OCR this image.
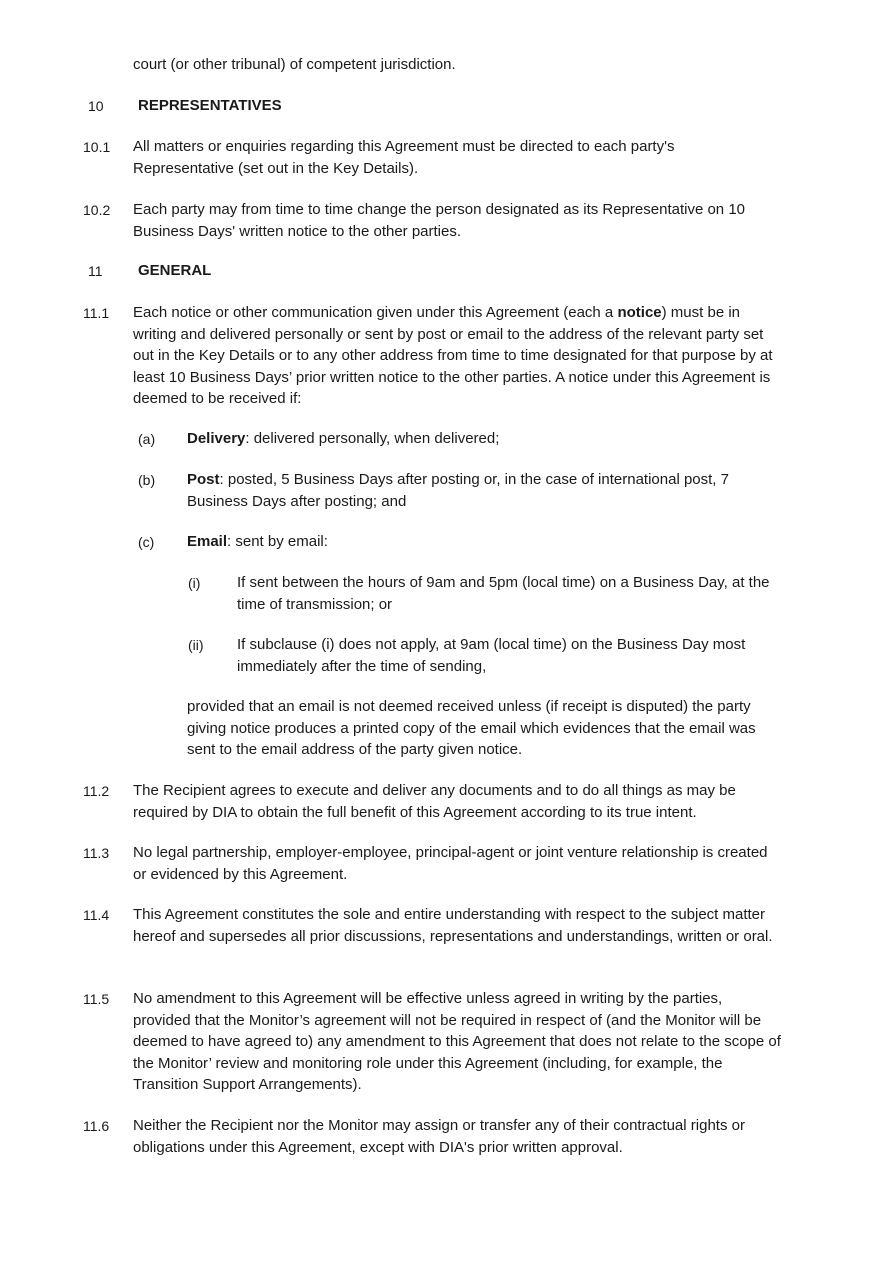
court (or other tribunal) of competent jurisdiction.
10 REPRESENTATIVES
10.1 All matters or enquiries regarding this Agreement must be directed to each party's Representative (set out in the Key Details).
10.2 Each party may from time to time change the person designated as its Representative on 10 Business Days' written notice to the other parties.
11 GENERAL
11.1 Each notice or other communication given under this Agreement (each a notice) must be in writing and delivered personally or sent by post or email to the address of the relevant party set out in the Key Details or to any other address from time to time designated for that purpose by at least 10 Business Days’ prior written notice to the other parties. A notice under this Agreement is deemed to be received if:
(a) Delivery: delivered personally, when delivered;
(b) Post: posted, 5 Business Days after posting or, in the case of international post, 7 Business Days after posting; and
(c) Email: sent by email:
(i) If sent between the hours of 9am and 5pm (local time) on a Business Day, at the time of transmission; or
(ii) If subclause (i) does not apply, at 9am (local time) on the Business Day most immediately after the time of sending,
provided that an email is not deemed received unless (if receipt is disputed) the party giving notice produces a printed copy of the email which evidences that the email was sent to the email address of the party given notice.
11.2 The Recipient agrees to execute and deliver any documents and to do all things as may be required by DIA to obtain the full benefit of this Agreement according to its true intent.
11.3 No legal partnership, employer-employee, principal-agent or joint venture relationship is created or evidenced by this Agreement.
11.4 This Agreement constitutes the sole and entire understanding with respect to the subject matter hereof and supersedes all prior discussions, representations and understandings, written or oral.
11.5 No amendment to this Agreement will be effective unless agreed in writing by the parties, provided that the Monitor’s agreement will not be required in respect of (and the Monitor will be deemed to have agreed to) any amendment to this Agreement that does not relate to the scope of the Monitor’ review and monitoring role under this Agreement (including, for example, the Transition Support Arrangements).
11.6 Neither the Recipient nor the Monitor may assign or transfer any of their contractual rights or obligations under this Agreement, except with DIA's prior written approval.
